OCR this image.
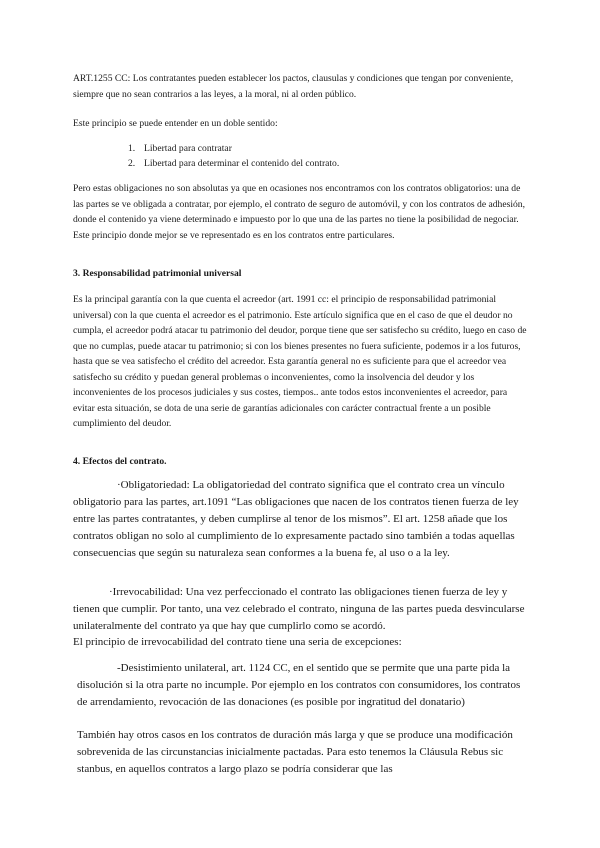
ART.1255 CC: Los contratantes pueden establecer los pactos, clausulas y condiciones que tengan por conveniente, siempre que no sean contrarios a las leyes, a la moral, ni al orden público.

Este principio se puede entender en un doble sentido:

1. Libertad para contratar
2. Libertad para determinar el contenido del contrato.

Pero estas obligaciones no son absolutas ya que en ocasiones nos encontramos con los contratos obligatorios: una de las partes se ve obligada a contratar, por ejemplo, el contrato de seguro de automóvil, y con los contratos de adhesión, donde el contenido ya viene determinado e impuesto por lo que una de las partes no tiene la posibilidad de negociar. Este principio donde mejor se ve representado es en los contratos entre particulares.

3. Responsabilidad patrimonial universal

Es la principal garantía con la que cuenta el acreedor (art. 1991 cc: el principio de responsabilidad patrimonial universal) con la que cuenta el acreedor es el patrimonio. Este artículo significa que en el caso de que el deudor no cumpla, el acreedor podrá atacar tu patrimonio del deudor, porque tiene que ser satisfecho su crédito, luego en caso de que no cumplas, puede atacar tu patrimonio; si con los bienes presentes no fuera suficiente, podemos ir a los futuros, hasta que se vea satisfecho el crédito del acreedor. Esta garantía general no es suficiente para que el acreedor vea satisfecho su crédito y puedan general problemas o inconvenientes, como la insolvencia del deudor y los inconvenientes de los procesos judiciales y sus costes, tiempos.. ante todos estos inconvenientes el acreedor, para evitar esta situación, se dota de una serie de garantías adicionales con carácter contractual frente a un posible cumplimiento del deudor.

4. Efectos del contrato.

·Obligatoriedad: La obligatoriedad del contrato significa que el contrato crea un vínculo obligatorio para las partes, art.1091 “Las obligaciones que nacen de los contratos tienen fuerza de ley entre las partes contratantes, y deben cumplirse al tenor de los mismos”. El art. 1258 añade que los contratos obligan no solo al cumplimiento de lo expresamente pactado sino también a todas aquellas consecuencias que según su naturaleza sean conformes a la buena fe, al uso o a la ley.

·Irrevocabilidad: Una vez perfeccionado el contrato las obligaciones tienen fuerza de ley y tienen que cumplir. Por tanto, una vez celebrado el contrato, ninguna de las partes pueda desvincularse unilateralmente del contrato ya que hay que cumplirlo como se acordó.

El principio de irrevocabilidad del contrato tiene una seria de excepciones:

-Desistimiento unilateral, art. 1124 CC, en el sentido que se permite que una parte pida la disolución si la otra parte no incumple. Por ejemplo en los contratos con consumidores, los contratos de arrendamiento, revocación de las donaciones (es posible por ingratitud del donatario)

También hay otros casos en los contratos de duración más larga y que se produce una modificación sobrevenida de las circunstancias inicialmente pactadas. Para esto tenemos la Cláusula Rebus sic stanbus, en aquellos contratos a largo plazo se podría considerar que las
